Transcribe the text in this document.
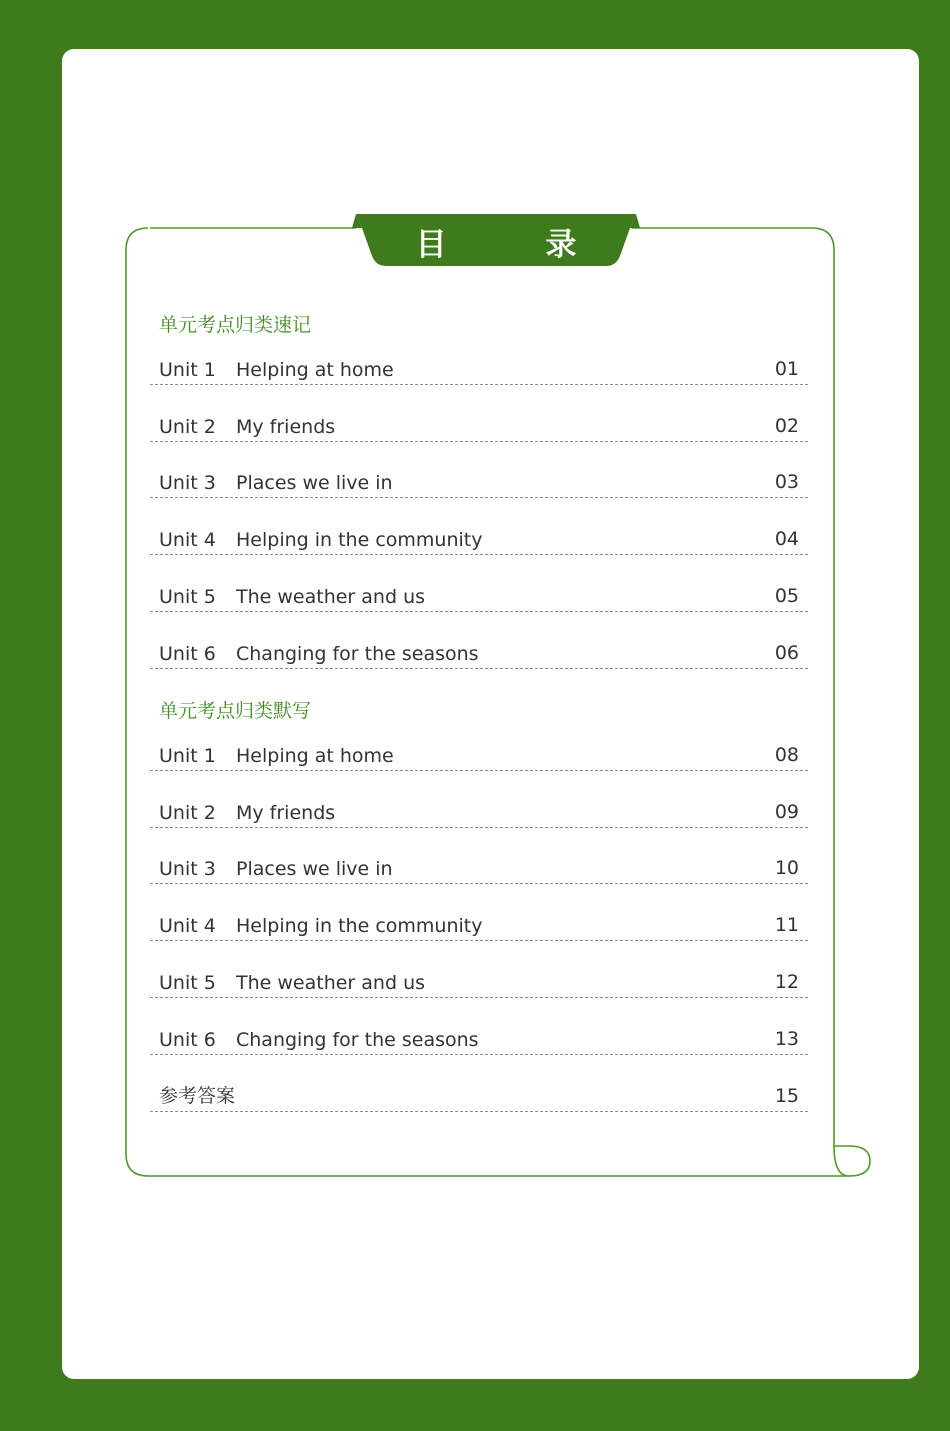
目 录
单元考点归类速记
Unit 1 Helping at home	01
Unit 2 My friends	02
Unit 3 Places we live in	03
Unit 4 Helping in the community	04
Unit 5 The weather and us	05
Unit 6 Changing for the seasons	06
单元考点归类默写
Unit 1 Helping at home	08
Unit 2 My friends	09
Unit 3 Places we live in	10
Unit 4 Helping in the community	11
Unit 5 The weather and us	12
Unit 6 Changing for the seasons	13
参考答案	15
